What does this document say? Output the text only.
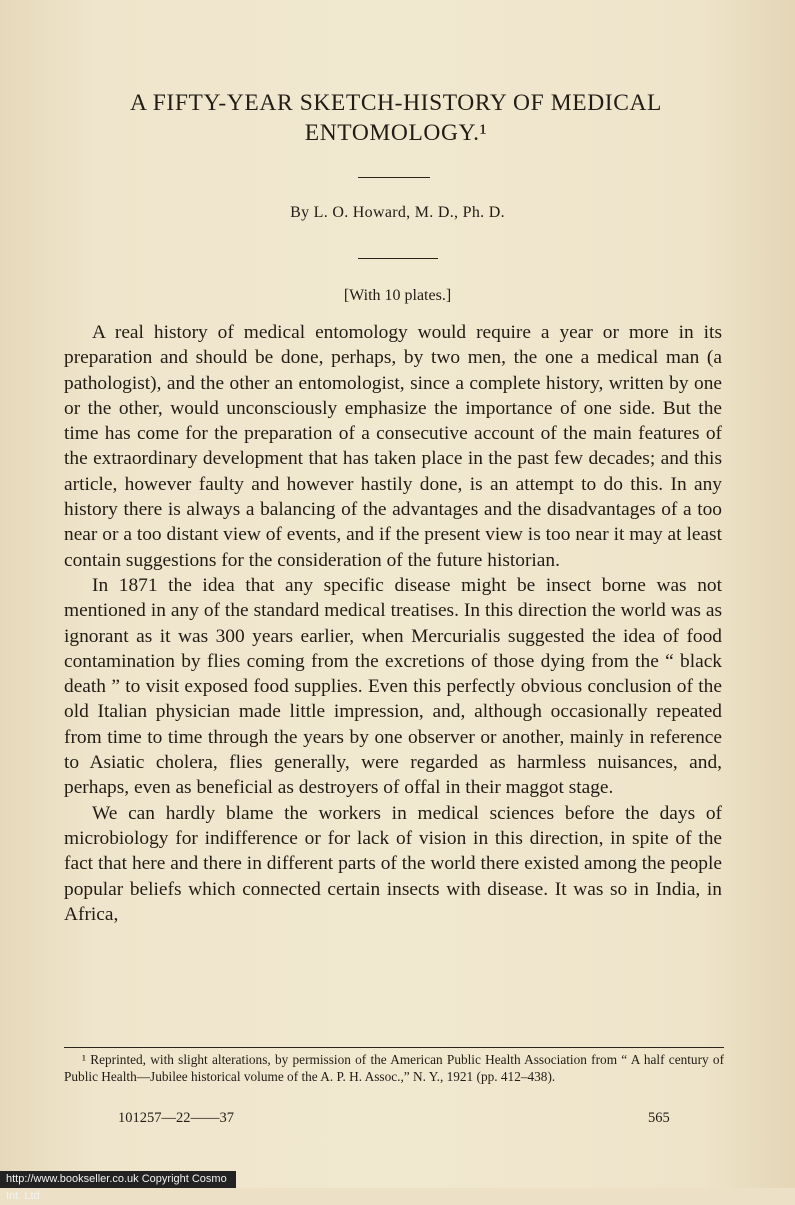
A FIFTY-YEAR SKETCH-HISTORY OF MEDICAL ENTOMOLOGY.¹
By L. O. Howard, M. D., Ph. D.
[With 10 plates.]

A real history of medical entomology would require a year or more in its preparation and should be done, perhaps, by two men, the one a medical man (a pathologist), and the other an entomologist, since a complete history, written by one or the other, would unconsciously emphasize the importance of one side. But the time has come for the preparation of a consecutive account of the main features of the extraordinary development that has taken place in the past few decades; and this article, however faulty and however hastily done, is an attempt to do this. In any history there is always a balancing of the advantages and the disadvantages of a too near or a too distant view of events, and if the present view is too near it may at least contain suggestions for the consideration of the future historian.

In 1871 the idea that any specific disease might be insect borne was not mentioned in any of the standard medical treatises. In this direction the world was as ignorant as it was 300 years earlier, when Mercurialis suggested the idea of food contamination by flies coming from the excretions of those dying from the “ black death ” to visit exposed food supplies. Even this perfectly obvious conclusion of the old Italian physician made little impression, and, although occasionally repeated from time to time through the years by one observer or another, mainly in reference to Asiatic cholera, flies generally, were regarded as harmless nuisances, and, perhaps, even as beneficial as destroyers of offal in their maggot stage.

We can hardly blame the workers in medical sciences before the days of microbiology for indifference or for lack of vision in this direction, in spite of the fact that here and there in different parts of the world there existed among the people popular beliefs which connected certain insects with disease. It was so in India, in Africa,

¹ Reprinted, with slight alterations, by permission of the American Public Health Association from “ A half century of Public Health—Jubilee historical volume of the A. P. H. Assoc.,” N. Y., 1921 (pp. 412–438).

101257—22——37	565
http://www.bookseller.co.uk Copyright Cosmo Int. Ltd
